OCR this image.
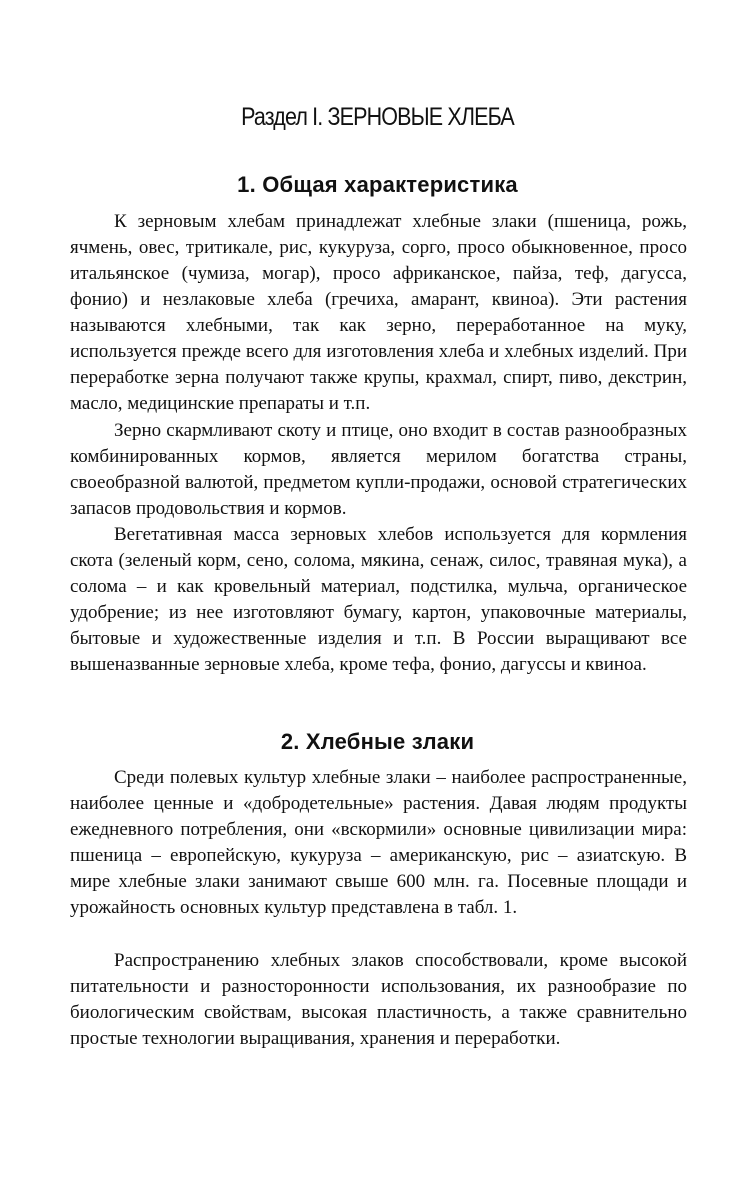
Раздел I. ЗЕРНОВЫЕ ХЛЕБА
1. Общая характеристика

К зерновым хлебам принадлежат хлебные злаки (пшеница, рожь, ячмень, овес, тритикале, рис, кукуруза, сорго, просо обыкновенное, просо итальянское (чумиза, могар), просо африканское, пайза, теф, дагусса, фонио) и незлаковые хлеба (гречиха, амарант, квиноа). Эти растения называются хлебными, так как зерно, переработанное на муку, используется прежде всего для изготовления хлеба и хлебных изделий. При переработке зерна получают также крупы, крахмал, спирт, пиво, декстрин, масло, медицинские препараты и т.п.

Зерно скармливают скоту и птице, оно входит в состав разнообразных комбинированных кормов, является мерилом богатства страны, своеобразной валютой, предметом купли-продажи, основой стратегических запасов продовольствия и кормов.

Вегетативная масса зерновых хлебов используется для кормления скота (зеленый корм, сено, солома, мякина, сенаж, силос, травяная мука), а солома – и как кровельный материал, подстилка, мульча, органическое удобрение; из нее изготовляют бумагу, картон, упаковочные материалы, бытовые и художественные изделия и т.п. В России выращивают все вышеназванные зерновые хлеба, кроме тефа, фонио, дагуссы и квиноа.

2. Хлебные злаки

Среди полевых культур хлебные злаки – наиболее распространенные, наиболее ценные и «добродетельные» растения. Давая людям продукты ежедневного потребления, они «вскормили» основные цивилизации мира: пшеница – европейскую, кукуруза – американскую, рис – азиатскую. В мире хлебные злаки занимают свыше 600 млн. га. Посевные площади и урожайность основных культур представлена в табл. 1.

Распространению хлебных злаков способствовали, кроме высокой питательности и разносторонности использования, их разнообразие по биологическим свойствам, высокая пластичность, а также сравнительно простые технологии выращивания, хранения и переработки.
